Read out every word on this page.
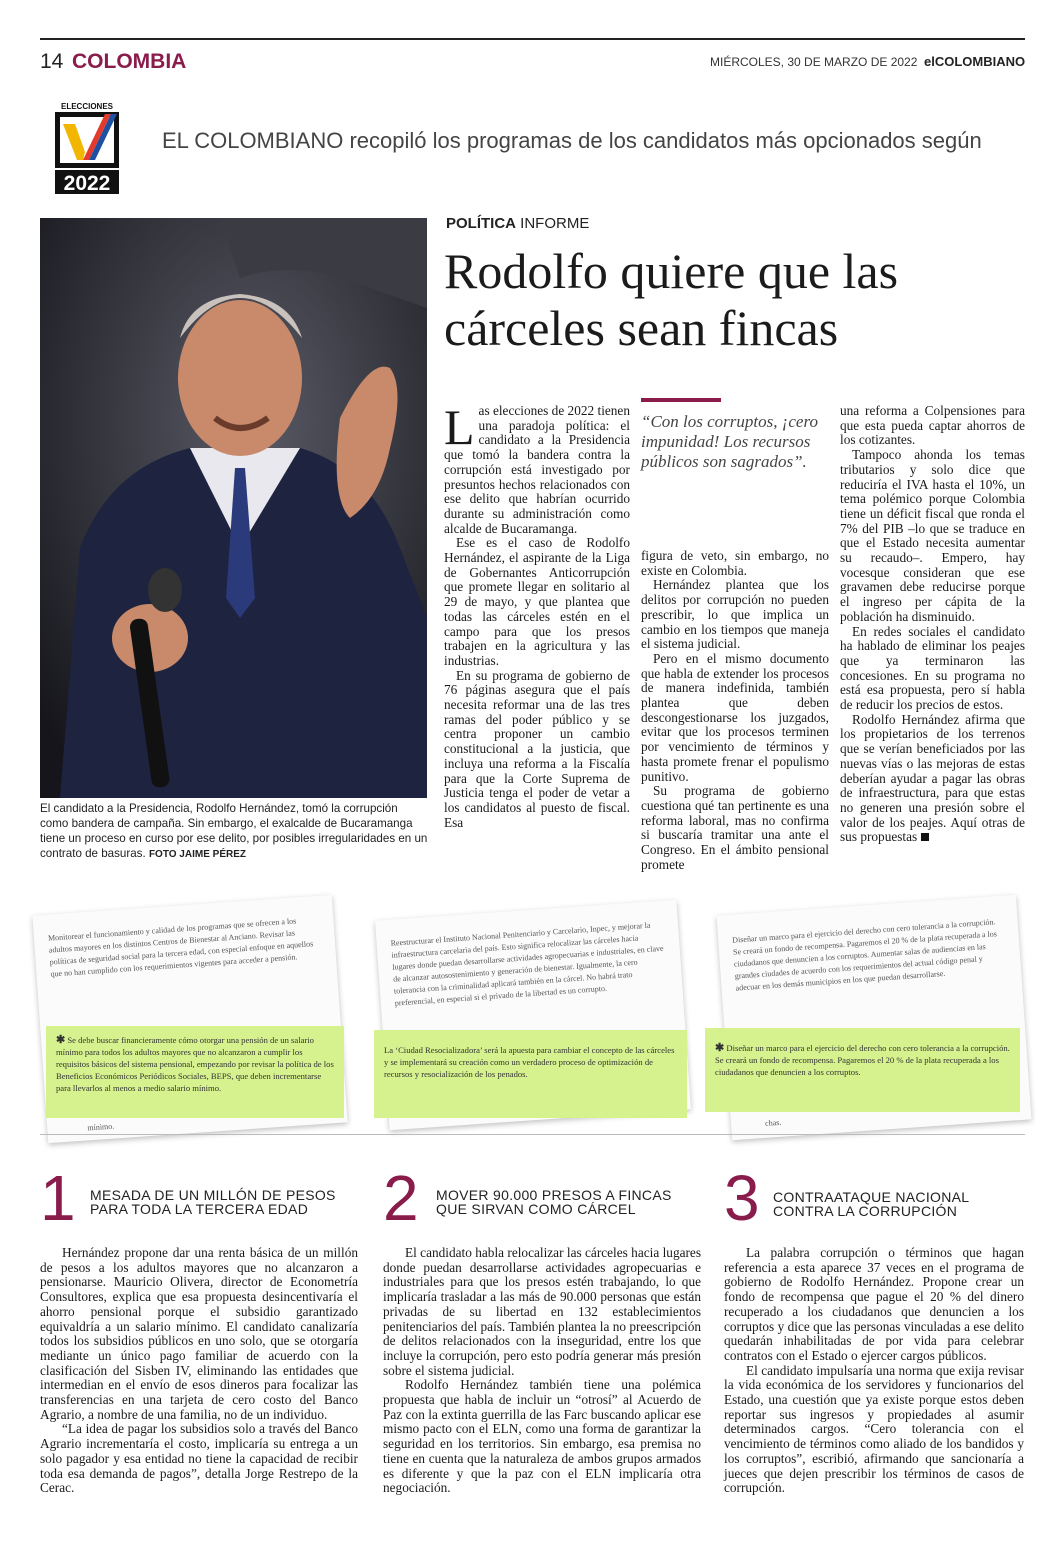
14 COLOMBIA	MIÉRCOLES, 30 DE MARZO DE 2022 elCOLOMBIANO
ELECCIONES
2022
EL COLOMBIANO recopiló los programas de los candidatos más opcionados según
El candidato a la Presidencia, Rodolfo Hernández, tomó la corrupción como bandera de campaña. Sin embargo, el exalcalde de Bucaramanga tiene un proceso en curso por ese delito, por posibles irregularidades en un contrato de basuras. FOTO JAIME PÉREZ
POLÍTICA INFORME
Rodolfo quiere que las cárceles sean fincas

Las elecciones de 2022 tienen una paradoja política: el candidato a la Presidencia que tomó la bandera contra la corrupción está investigado por presuntos hechos relacionados con ese delito que habrían ocurrido durante su administración como alcalde de Bucaramanga.

Ese es el caso de Rodolfo Hernández, el aspirante de la Liga de Gobernantes Anticorrupción que promete llegar en solitario al 29 de mayo, y que plantea que todas las cárceles estén en el campo para que los presos trabajen en la agricultura y las industrias.

En su programa de gobierno de 76 páginas asegura que el país necesita reformar una de las tres ramas del poder público y se centra proponer un cambio constitucional a la justicia, que incluya una reforma a la Fiscalía para que la Corte Suprema de Justicia tenga el poder de vetar a los candidatos al puesto de fiscal. Esa

“Con los corruptos, ¡cero impunidad! Los recursos públicos son sagrados”.

figura de veto, sin embargo, no existe en Colombia.

Hernández plantea que los delitos por corrupción no pueden prescribir, lo que implica un cambio en los tiempos que maneja el sistema judicial.

Pero en el mismo documento que habla de extender los procesos de manera indefinida, también plantea que deben descongestionarse los juzgados, evitar que los procesos terminen por vencimiento de términos y hasta promete frenar el populismo punitivo.

Su programa de gobierno cuestiona qué tan pertinente es una reforma laboral, mas no confirma si buscaría tramitar una ante el Congreso. En el ámbito pensional promete

una reforma a Colpensiones para que esta pueda captar ahorros de los cotizantes.

Tampoco ahonda los temas tributarios y solo dice que reduciría el IVA hasta el 10%, un tema polémico porque Colombia tiene un déficit fiscal que ronda el 7% del PIB –lo que se traduce en que el Estado necesita aumentar su recaudo–. Empero, hay vocesque consideran que ese gravamen debe reducirse porque el ingreso per cápita de la población ha disminuido.

En redes sociales el candidato ha hablado de eliminar los peajes que ya terminaron las concesiones. En su programa no está esa propuesta, pero sí habla de reducir los precios de estos.

Rodolfo Hernández afirma que los propietarios de los terrenos que se verían beneficiados por las nuevas vías o las mejoras de estas deberían ayudar a pagar las obras de infraestructura, para que estas no generen una presión sobre el valor de los peajes. Aquí otras de sus propuestas

Monitorear el funcionamiento y calidad de los programas que se ofrecen a los adultos mayores en los distintos Centros de Bienestar al Anciano. Revisar las políticas de seguridad social para la tercera edad, con especial enfoque en aquellos que no han cumplido con los requerimientos vigentes para acceder a pensión.
mínimo.
✱ Se debe buscar financieramente cómo otorgar una pensión de un salario mínimo para todos los adultos mayores que no alcanzaron a cumplir los requisitos básicos del sistema pensional, empezando por revisar la política de los Beneficios Económicos Periódicos Sociales, BEPS, que deben incrementarse para llevarlos al menos a medio salario mínimo.
Reestructurar el Instituto Nacional Penitenciario y Carcelario, Inpec, y mejorar la infraestructura carcelaria del país. Esto significa relocalizar las cárceles hacia lugares donde puedan desarrollarse actividades agropecuarias e industriales, en clave de alcanzar autosostenimiento y generación de bienestar. Igualmente, la cero tolerancia con la criminalidad aplicará también en la cárcel. No habrá trato preferencial, en especial si el privado de la libertad es un corrupto.
La ‘Ciudad Resocializadora’ será la apuesta para cambiar el concepto de las cárceles y se implementará su creación como un verdadero proceso de optimización de recursos y resocialización de los penados.
Diseñar un marco para el ejercicio del derecho con cero tolerancia a la corrupción. Se creará un fondo de recompensa. Pagaremos el 20 % de la plata recuperada a los ciudadanos que denuncien a los corruptos. Aumentar salas de audiencias en las grandes ciudades de acuerdo con los requerimientos del actual código penal y adecuar en los demás municipios en los que puedan desarrollarse.
chas.
✱ Diseñar un marco para el ejercicio del derecho con cero tolerancia a la corrupción. Se creará un fondo de recompensa. Pagaremos el 20 % de la plata recuperada a los ciudadanos que denuncien a los corruptos.
1 MESADA DE UN MILLÓN DE PESOS
PARA TODA LA TERCERA EDAD

Hernández propone dar una renta básica de un millón de pesos a los adultos mayores que no alcanzaron a pensionarse. Mauricio Olivera, director de Econometría Consultores, explica que esa propuesta desincentivaría el ahorro pensional porque el subsidio garantizado equivaldría a un salario mínimo. El candidato canalizaría todos los subsidios públicos en uno solo, que se otorgaría mediante un único pago familiar de acuerdo con la clasificación del Sisben IV, eliminando las entidades que intermedian en el envío de esos dineros para focalizar las transferencias en una tarjeta de cero costo del Banco Agrario, a nombre de una familia, no de un individuo.

“La idea de pagar los subsidios solo a través del Banco Agrario incrementaría el costo, implicaría su entrega a un solo pagador y esa entidad no tiene la capacidad de recibir toda esa demanda de pagos”, detalla Jorge Restrepo de la Cerac.

2 MOVER 90.000 PRESOS A FINCAS
QUE SIRVAN COMO CÁRCEL

El candidato habla relocalizar las cárceles hacia lugares donde puedan desarrollarse actividades agropecuarias e industriales para que los presos estén trabajando, lo que implicaría trasladar a las más de 90.000 personas que están privadas de su libertad en 132 establecimientos penitenciarios del país. También plantea la no preescripción de delitos relacionados con la inseguridad, entre los que incluye la corrupción, pero esto podría generar más presión sobre el sistema judicial.

Rodolfo Hernández también tiene una polémica propuesta que habla de incluir un “otrosí” al Acuerdo de Paz con la extinta guerrilla de las Farc buscando aplicar ese mismo pacto con el ELN, como una forma de garantizar la seguridad en los territorios. Sin embargo, esa premisa no tiene en cuenta que la naturaleza de ambos grupos armados es diferente y que la paz con el ELN implicaría otra negociación.

3 CONTRAATAQUE NACIONAL
CONTRA LA CORRUPCIÓN

La palabra corrupción o términos que hagan referencia a esta aparece 37 veces en el programa de gobierno de Rodolfo Hernández. Propone crear un fondo de recompensa que pague el 20 % del dinero recuperado a los ciudadanos que denuncien a los corruptos y dice que las personas vinculadas a ese delito quedarán inhabilitadas de por vida para celebrar contratos con el Estado o ejercer cargos públicos.

El candidato impulsaría una norma que exija revisar la vida económica de los servidores y funcionarios del Estado, una cuestión que ya existe porque estos deben reportar sus ingresos y propiedades al asumir determinados cargos. “Cero tolerancia con el vencimiento de términos como aliado de los bandidos y los corruptos”, escribió, afirmando que sancionaría a jueces que dejen prescribir los términos de casos de corrupción.
